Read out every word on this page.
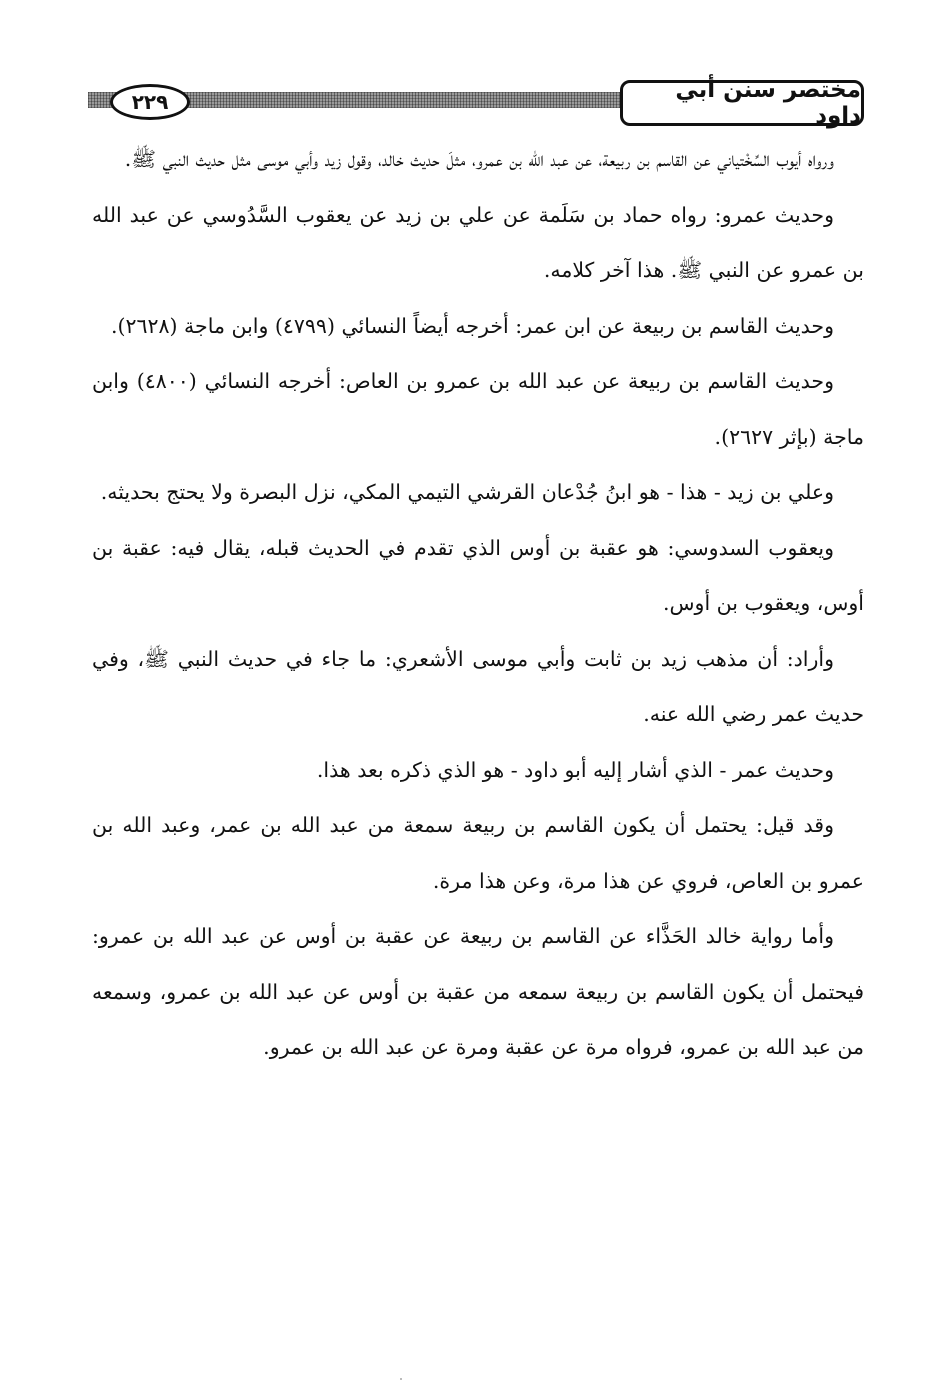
٢٢٩	مختصر سنن أبي داود

ورواه أيوب السِّخْتياني عن القاسم بن ربيعة، عن عبد الله بن عمرو، مثلَ حديث خالد، وقول زيد وأبي موسى مثل حديث النبي ﷺ.

وحديث عمرو: رواه حماد بن سَلَمة عن علي بن زيد عن يعقوب السَّدُوسي عن عبد الله بن عمرو عن النبي ﷺ. هذا آخر كلامه.

وحديث القاسم بن ربيعة عن ابن عمر: أخرجه أيضاً النسائي (٤٧٩٩) وابن ماجة (٢٦٢٨).

وحديث القاسم بن ربيعة عن عبد الله بن عمرو بن العاص: أخرجه النسائي (٤٨٠٠) وابن ماجة (بإثر ٢٦٢٧).

وعلي بن زيد - هذا - هو ابنُ جُدْعان القرشي التيمي المكي، نزل البصرة ولا يحتج بحديثه.

ويعقوب السدوسي: هو عقبة بن أوس الذي تقدم في الحديث قبله، يقال فيه: عقبة بن أوس، ويعقوب بن أوس.

وأراد: أن مذهب زيد بن ثابت وأبي موسى الأشعري: ما جاء في حديث النبي ﷺ، وفي حديث عمر رضي الله عنه.

وحديث عمر - الذي أشار إليه أبو داود - هو الذي ذكره بعد هذا.

وقد قيل: يحتمل أن يكون القاسم بن ربيعة سمعة من عبد الله بن عمر، وعبد الله بن عمرو بن العاص، فروي عن هذا مرة، وعن هذا مرة.

وأما رواية خالد الحَذَّاء عن القاسم بن ربيعة عن عقبة بن أوس عن عبد الله بن عمرو: فيحتمل أن يكون القاسم بن ربيعة سمعه من عقبة بن أوس عن عبد الله بن عمرو، وسمعه من عبد الله بن عمرو، فرواه مرة عن عقبة ومرة عن عبد الله بن عمرو.
